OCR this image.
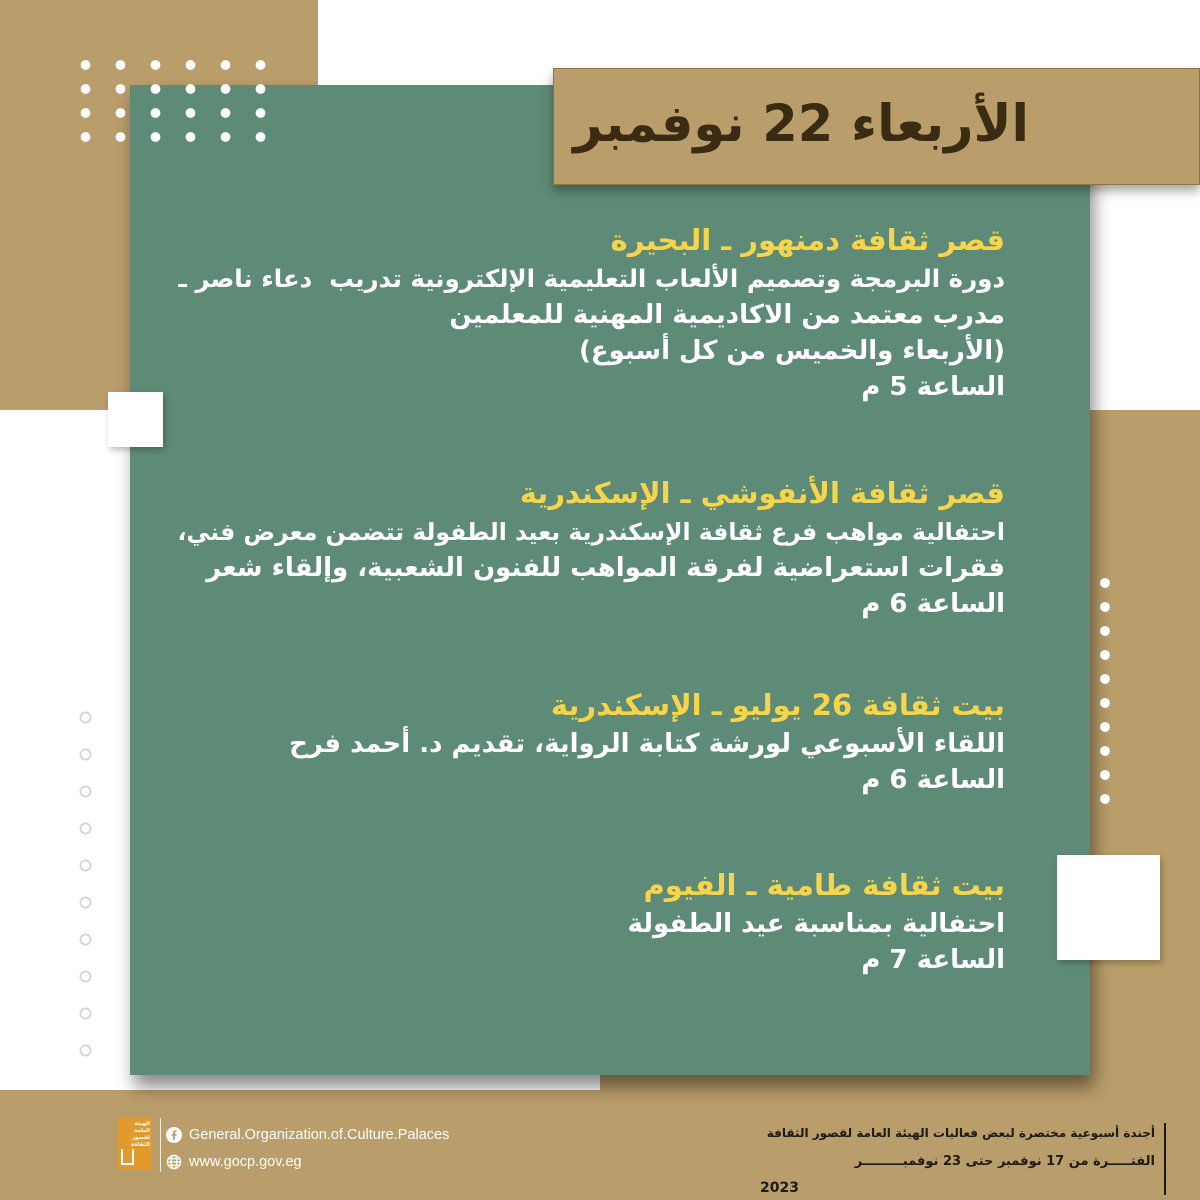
الأربعاء 22 نوفمبر
قصر ثقافة دمنهور ـ البحيرة
دورة البرمجة وتصميم الألعاب التعليمية الإلكترونية تدريب  دعاء ناصر ـ
مدرب معتمد من الاكاديمية المهنية للمعلمين
(الأربعاء والخميس من كل أسبوع)
الساعة 5 م
قصر ثقافة الأنفوشي ـ الإسكندرية
احتفالية مواهب فرع ثقافة الإسكندرية بعيد الطفولة تتضمن معرض فني،
فقرات استعراضية لفرقة المواهب للفنون الشعبية، وإلقاء شعر
الساعة 6 م
بيت ثقافة 26 يوليو ـ الإسكندرية
اللقاء الأسبوعي لورشة كتابة الرواية، تقديم د. أحمد فرح
الساعة 6 م
بيت ثقافة طامية ـ الفيوم
احتفالية بمناسبة عيد الطفولة
الساعة 7 م
الهيئة العامة لقصور الثقافة
General.Organization.of.Culture.Palaces
www.gocp.gov.eg
أجندة أسبوعية مختصرة لبعض فعاليات الهيئة العامة لقصور الثقافة
الفتـــــرة من 17 نوفمبر حتى 23 نوفمبـــــــــر
2023
